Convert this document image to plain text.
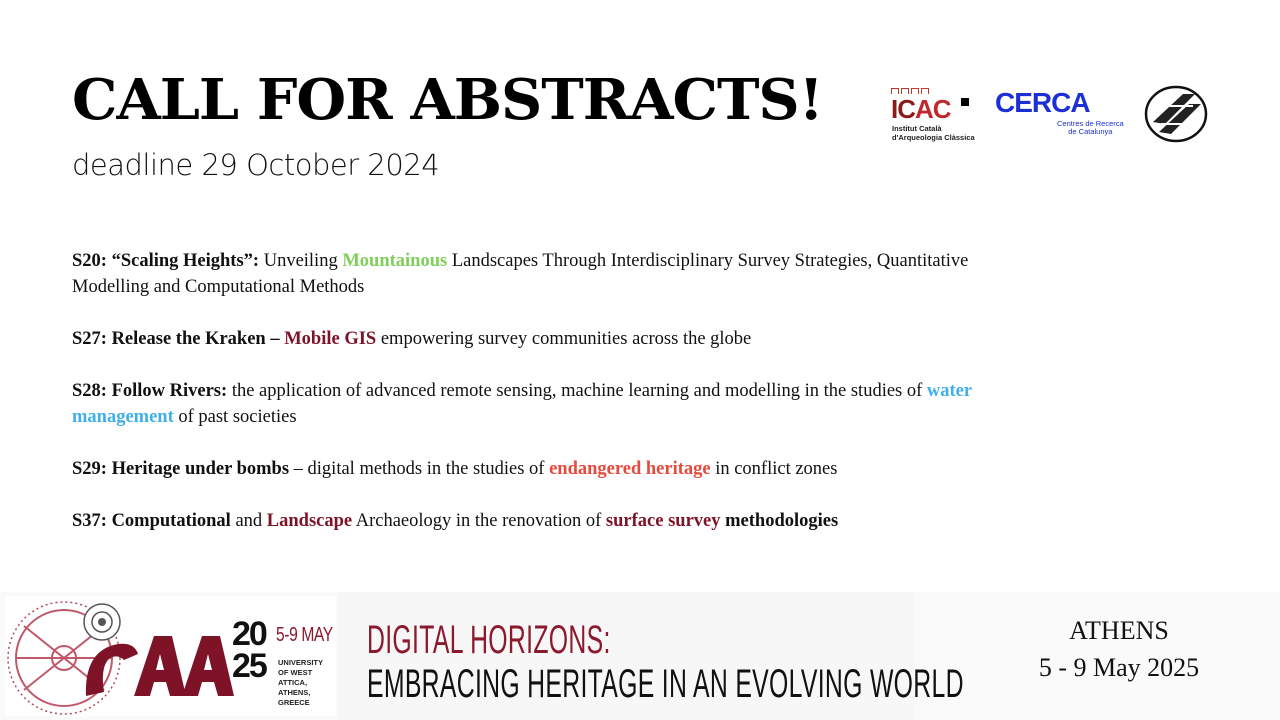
CALL FOR ABSTRACTS!

deadline 29 October 2024

ICAC
Institut Català
d'Arqueologia Clàssica
CERCA
Centres de Recerca
de Catalunya

S20: “Scaling Heights”: Unveiling Mountainous Landscapes Through Interdisciplinary Survey Strategies, Quantitative Modelling and Computational Methods

S27: Release the Kraken – Mobile GIS empowering survey communities across the globe

S28: Follow Rivers: the application of advanced remote sensing, machine learning and modelling in the studies of water management of past societies

S29: Heritage under bombs – digital methods in the studies of endangered heritage in conflict zones

S37: Computational and Landscape Archaeology in the renovation of surface survey methodologies

20
25
5-9 MAY
UNIVERSITY
OF WEST ATTICA,
ATHENS, GREECE
DIGITAL HORIZONS:
EMBRACING HERITAGE IN AN EVOLVING WORLD
ATHENS
5 - 9 May 2025
